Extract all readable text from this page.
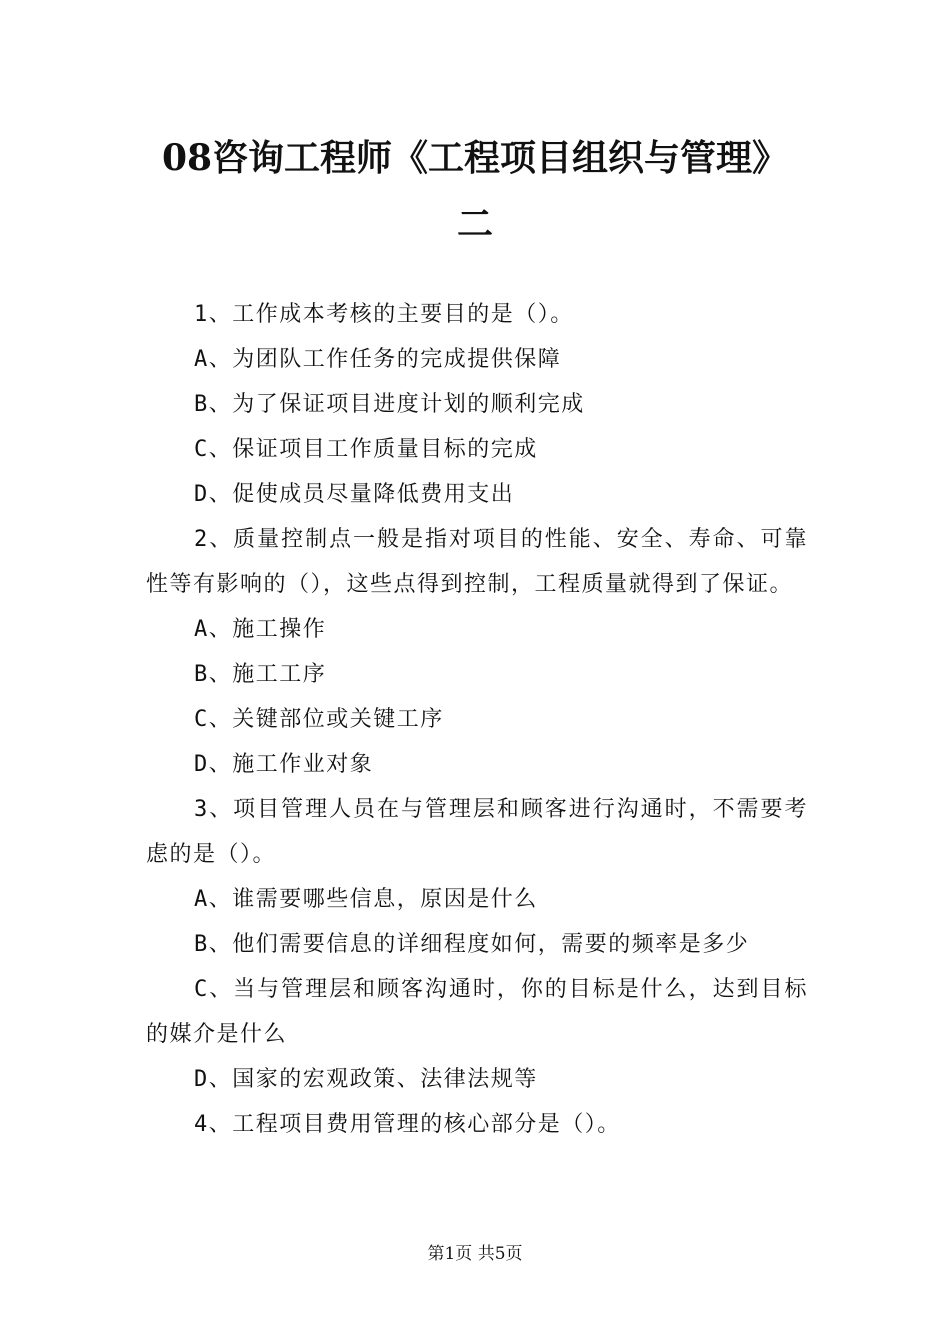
08咨询工程师《工程项目组织与管理》
二

1、工作成本考核的主要目的是（）。

A、为团队工作任务的完成提供保障

B、为了保证项目进度计划的顺利完成

C、保证项目工作质量目标的完成

D、促使成员尽量降低费用支出

2、质量控制点一般是指对项目的性能、安全、寿命、可靠性等有影响的（），这些点得到控制，工程质量就得到了保证。

A、施工操作

B、施工工序

C、关键部位或关键工序

D、施工作业对象

3、项目管理人员在与管理层和顾客进行沟通时，不需要考虑的是（）。

A、谁需要哪些信息，原因是什么

B、他们需要信息的详细程度如何，需要的频率是多少

C、当与管理层和顾客沟通时，你的目标是什么，达到目标的媒介是什么

D、国家的宏观政策、法律法规等

4、工程项目费用管理的核心部分是（）。

第1页 共5页
